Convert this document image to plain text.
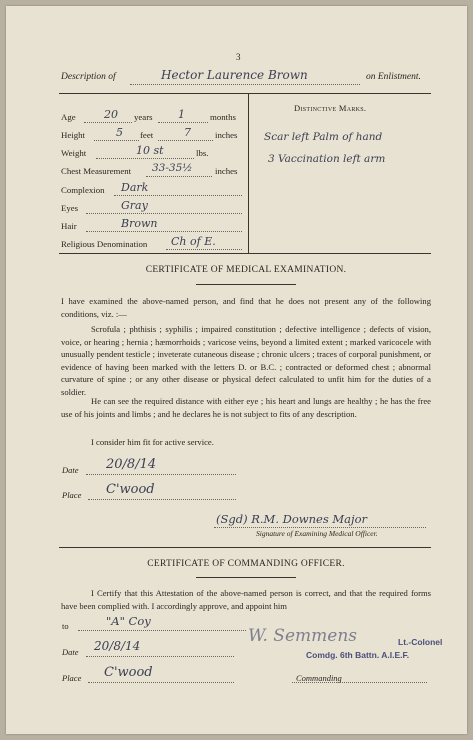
3
Description of	Hector Laurence Brown	on Enlistment.
Age	20 years 1	months
Height	5 feet	7	inches
Weight	10 st	lbs.
Chest Measurement 33-35½	inches
Complexion Dark
Eyes	Gray
Hair	Brown
Religious Denomination Ch of E.
Distinctive Marks.
Scar left Palm of hand
3 Vaccination left arm
CERTIFICATE OF MEDICAL EXAMINATION.
I have examined the above-named person, and find that he does not present any of the following conditions, viz. :—
Scrofula ; phthisis ; syphilis ; impaired constitution ; defective intelligence ; defects of vision, voice, or hearing ; hernia ; hæmorrhoids ; varicose veins, beyond a limited extent ; marked varicocele with unusually pendent testicle ; inveterate cutaneous disease ; chronic ulcers ; traces of corporal punishment, or evidence of having been marked with the letters D. or B.C. ; contracted or deformed chest ; abnormal curvature of spine ; or any other disease or physical defect calculated to unfit him for the duties of a soldier.
He can see the required distance with either eye ; his heart and lungs are healthy ; he has the free use of his joints and limbs ; and he declares he is not subject to fits of any description.
I consider him fit for active service.
Date 20/8/14
Place C'wood
(Sgd) R.M. Downes Major
Signature of Examining Medical Officer.
CERTIFICATE OF COMMANDING OFFICER.
I Certify that this Attestation of the above-named person is correct, and that the required forms have been complied with. I accordingly approve, and appoint him
to	"A" Coy
Date 20/8/14
Place C'wood
W. Semmens	Lt.-Colonel
Comdg. 6th Battn. A.I.E.F.
Commanding
